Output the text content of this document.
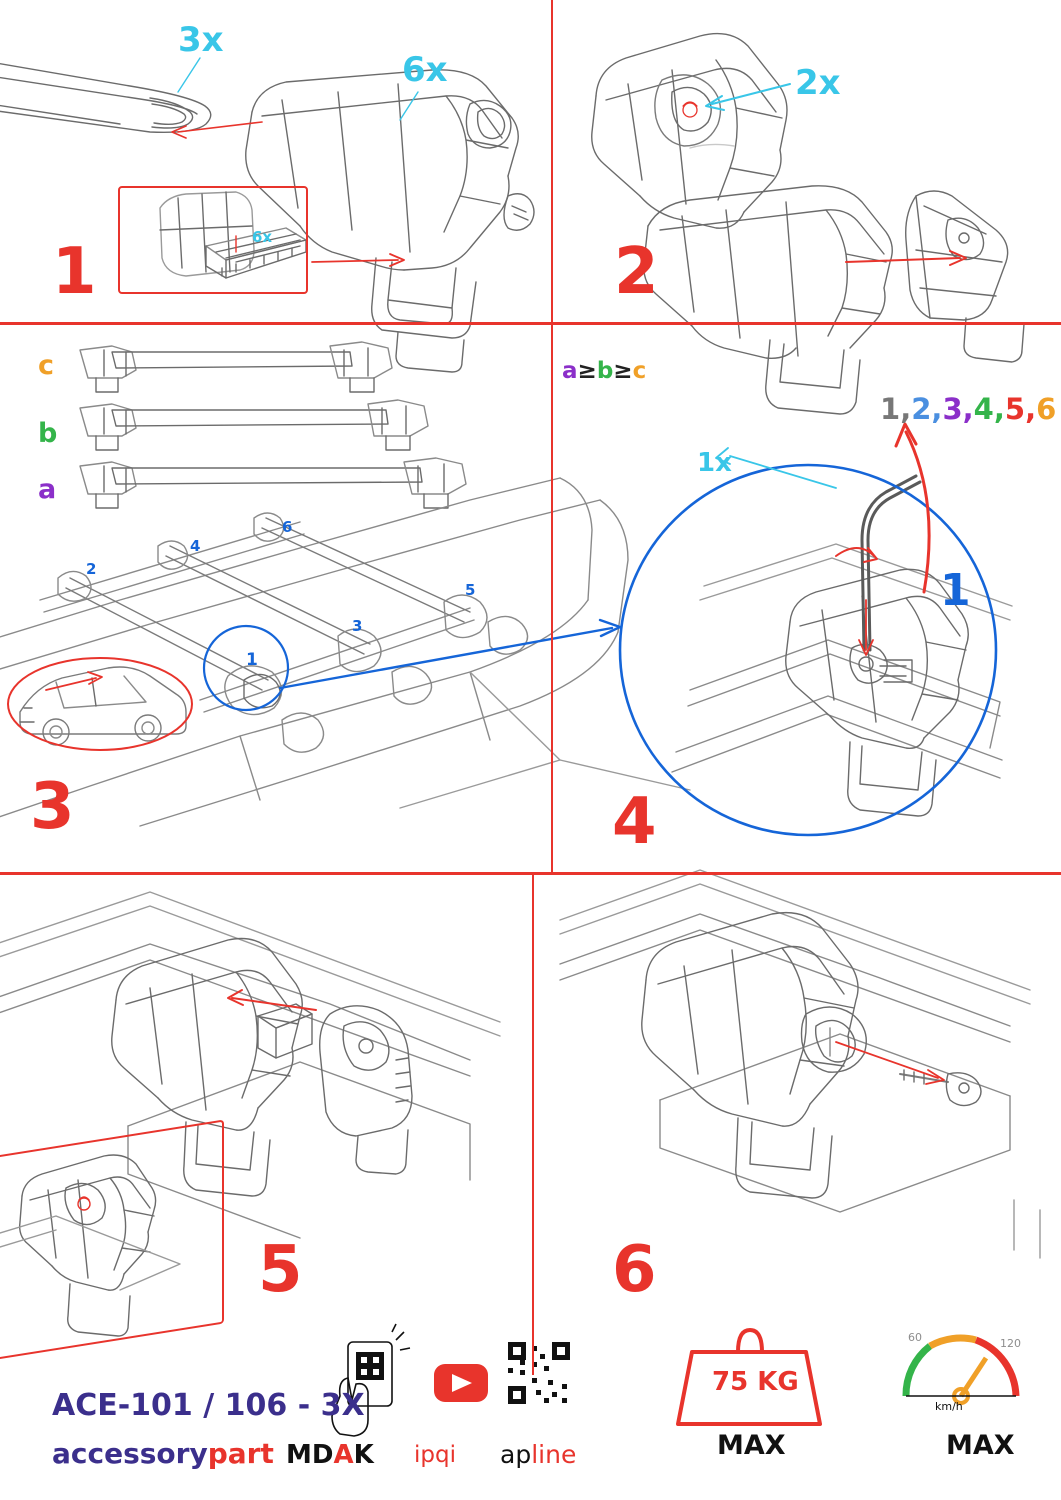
3x
6x
6x
2x
1x
1	2
3	4
5	6
c
b
a
a≥b≥c
1,2,3,4,5,6
1
1
2
3
4
5
6
ACE-101 / 106 - 3X
accessorypart MDAK ipqi apline
75 KG
MAX	MAX
km/h
60	120
